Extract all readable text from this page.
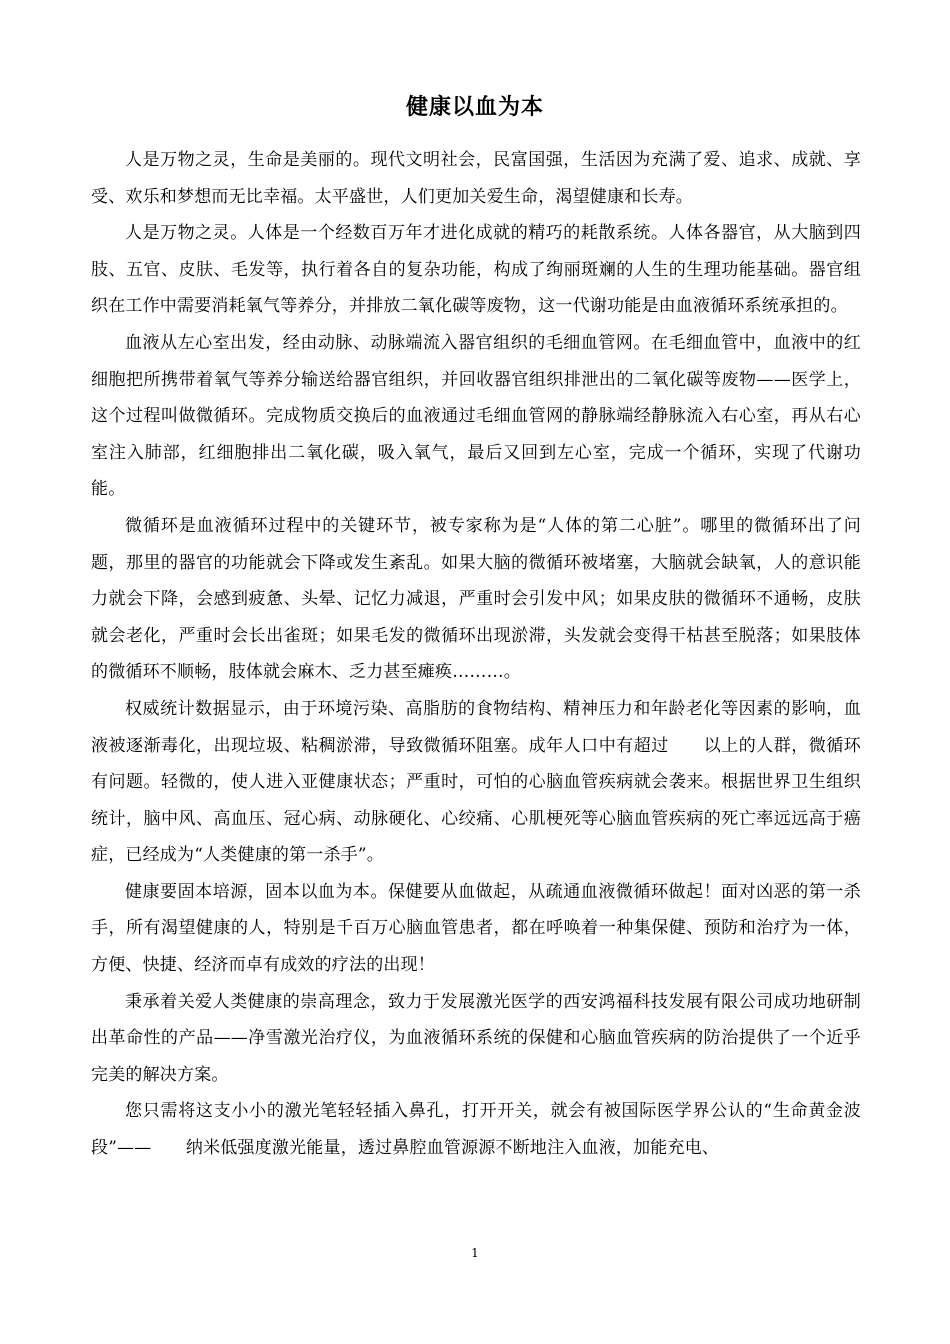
健康以血为本

人是万物之灵，生命是美丽的。现代文明社会，民富国强，生活因为充满了爱、追求、成就、享受、欢乐和梦想而无比幸福。太平盛世，人们更加关爱生命，渴望健康和长寿。

人是万物之灵。人体是一个经数百万年才进化成就的精巧的耗散系统。人体各器官，从大脑到四肢、五官、皮肤、毛发等，执行着各自的复杂功能，构成了绚丽斑斓的人生的生理功能基础。器官组织在工作中需要消耗氧气等养分，并排放二氧化碳等废物，这一代谢功能是由血液循环系统承担的。

血液从左心室出发，经由动脉、动脉端流入器官组织的毛细血管网。在毛细血管中，血液中的红细胞把所携带着氧气等养分输送给器官组织，并回收器官组织排泄出的二氧化碳等废物——医学上，这个过程叫做微循环。完成物质交换后的血液通过毛细血管网的静脉端经静脉流入右心室，再从右心室注入肺部，红细胞排出二氧化碳，吸入氧气，最后又回到左心室，完成一个循环，实现了代谢功能。

微循环是血液循环过程中的关键环节，被专家称为是“人体的第二心脏”。哪里的微循环出了问题，那里的器官的功能就会下降或发生紊乱。如果大脑的微循环被堵塞，大脑就会缺氧，人的意识能力就会下降，会感到疲惫、头晕、记忆力减退，严重时会引发中风；如果皮肤的微循环不通畅，皮肤就会老化，严重时会长出雀斑；如果毛发的微循环出现淤滞，头发就会变得干枯甚至脱落；如果肢体的微循环不顺畅，肢体就会麻木、乏力甚至瘫痪………。

权威统计数据显示，由于环境污染、高脂肪的食物结构、精神压力和年龄老化等因素的影响，血液被逐渐毒化，出现垃圾、粘稠淤滞，导致微循环阻塞。成年人口中有超过　　以上的人群，微循环有问题。轻微的，使人进入亚健康状态；严重时，可怕的心脑血管疾病就会袭来。根据世界卫生组织统计，脑中风、高血压、冠心病、动脉硬化、心绞痛、心肌梗死等心脑血管疾病的死亡率远远高于癌症，已经成为“人类健康的第一杀手”。

健康要固本培源，固本以血为本。保健要从血做起，从疏通血液微循环做起！面对凶恶的第一杀手，所有渴望健康的人，特别是千百万心脑血管患者，都在呼唤着一种集保健、预防和治疗为一体，方便、快捷、经济而卓有成效的疗法的出现！

秉承着关爱人类健康的崇高理念，致力于发展激光医学的西安鸿福科技发展有限公司成功地研制出革命性的产品——净雪激光治疗仪，为血液循环系统的保健和心脑血管疾病的防治提供了一个近乎完美的解决方案。

您只需将这支小小的激光笔轻轻插入鼻孔，打开开关，就会有被国际医学界公认的“生命黄金波段”——　　纳米低强度激光能量，透过鼻腔血管源源不断地注入血液，加能充电、

1
